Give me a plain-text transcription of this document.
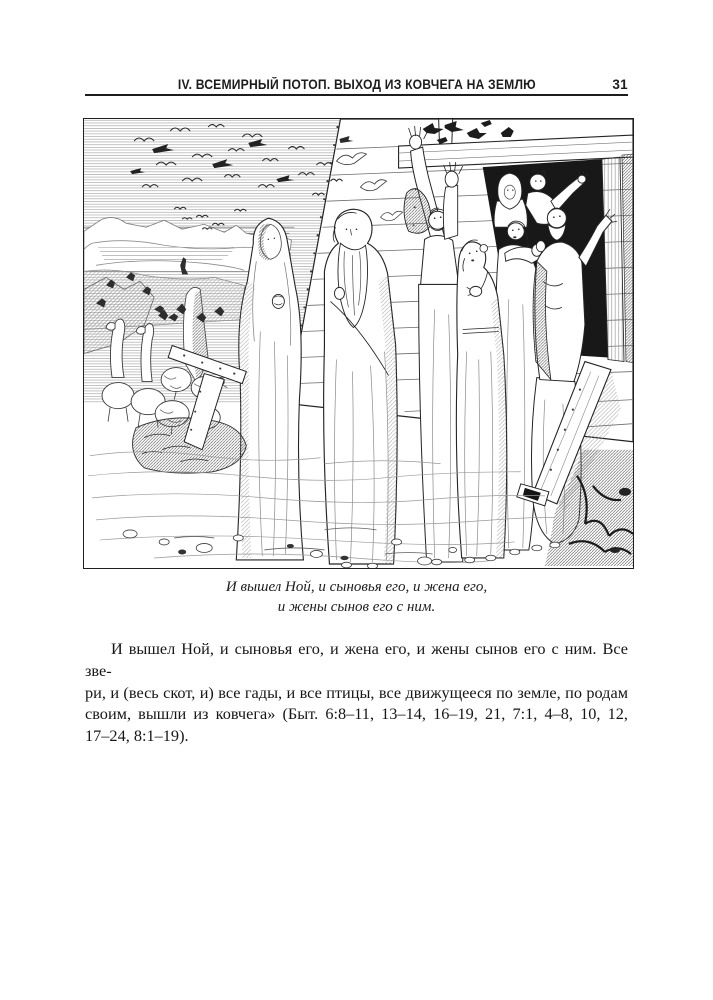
IV. ВСЕМИРНЫЙ ПОТОП. ВЫХОД ИЗ КОВЧЕГА НА ЗЕМЛЮ	31
И вышел Ной, и сыновья его, и жена его,
и жены сынов его с ним.
И вышел Ной, и сыновья его, и жена его, и жены сынов его с ним. Все зве-
ри, и (весь скот, и) все гады, и все птицы, все движущееся по земле, по родам
своим, вышли из ковчега» (Быт. 6:8–11, 13–14, 16–19, 21, 7:1, 4–8, 10, 12,
17–24, 8:1–19).
